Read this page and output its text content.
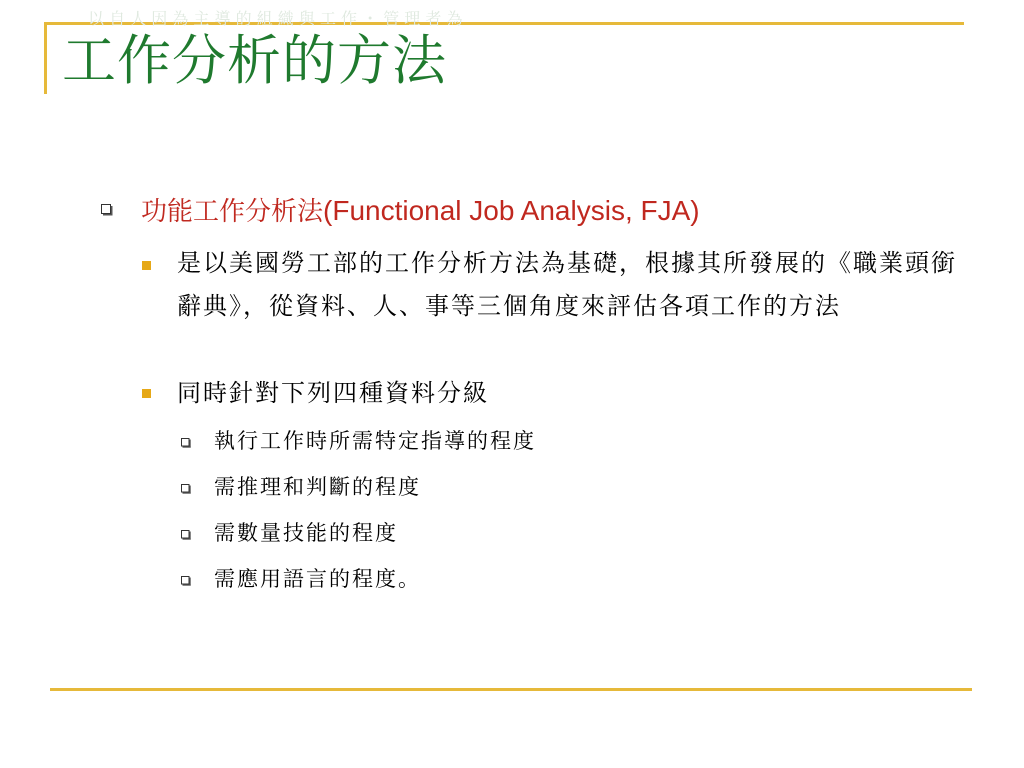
以 自 人 因 為 主 導 的 組 織 與 工 作 ・ 管 理 者 為
工作分析的方法
功能工作分析法(Functional Job Analysis, FJA)
是以美國勞工部的工作分析方法為基礎，根據其所發展的《職業頭銜辭典》，從資料、人、事等三個角度來評估各項工作的方法
同時針對下列四種資料分級
執行工作時所需特定指導的程度
需推理和判斷的程度
需數量技能的程度
需應用語言的程度。
